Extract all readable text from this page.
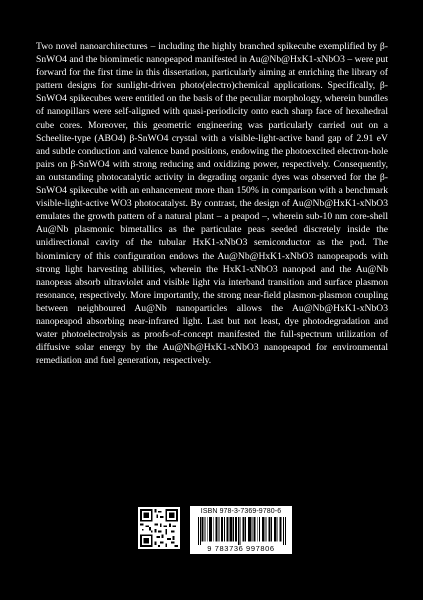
Two novel nanoarchitectures – including the highly branched spikecube exemplified by β-SnWO4 and the biomimetic nanopeapod manifested in Au@Nb@HxK1-xNbO3 – were put forward for the first time in this dissertation, particularly aiming at enriching the library of pattern designs for sunlight-driven photo(electro)chemical applications. Specifically, β-SnWO4 spikecubes were entitled on the basis of the peculiar morphology, wherein bundles of nanopillars were self-aligned with quasi-periodicity onto each sharp face of hexahedral cube cores. Moreover, this geometric engineering was particularly carried out on a Scheelite-type (ABO4) β-SnWO4 crystal with a visible-light-active band gap of 2.91 eV and subtle conduction and valence band positions, endowing the photoexcited electron-hole pairs on β-SnWO4 with strong reducing and oxidizing power, respectively. Consequently, an outstanding photocatalytic activity in degrading organic dyes was observed for the β-SnWO4 spikecube with an enhancement more than 150% in comparison with a benchmark visible-light-active WO3 photocatalyst. By contrast, the design of Au@Nb@HxK1-xNbO3 emulates the growth pattern of a natural plant – a peapod –, wherein sub-10 nm core-shell Au@Nb plasmonic bimetallics as the particulate peas seeded discretely inside the unidirectional cavity of the tubular HxK1-xNbO3 semiconductor as the pod. The biomimicry of this configuration endows the Au@Nb@HxK1-xNbO3 nanopeapods with strong light harvesting abilities, wherein the HxK1-xNbO3 nanopod and the Au@Nb nanopeas absorb ultraviolet and visible light via interband transition and surface plasmon resonance, respectively. More importantly, the strong near-field plasmon-plasmon coupling between neighboured Au@Nb nanoparticles allows the Au@Nb@HxK1-xNbO3 nanopeapod absorbing near-infrared light. Last but not least, dye photodegradation and water photoelectrolysis as proofs-of-concept manifested the full-spectrum utilization of diffusive solar energy by the Au@Nb@HxK1-xNbO3 nanopeapod for environmental remediation and fuel generation, respectively.

ISBN 978-3-7369-9780-6
9 783736 997806
